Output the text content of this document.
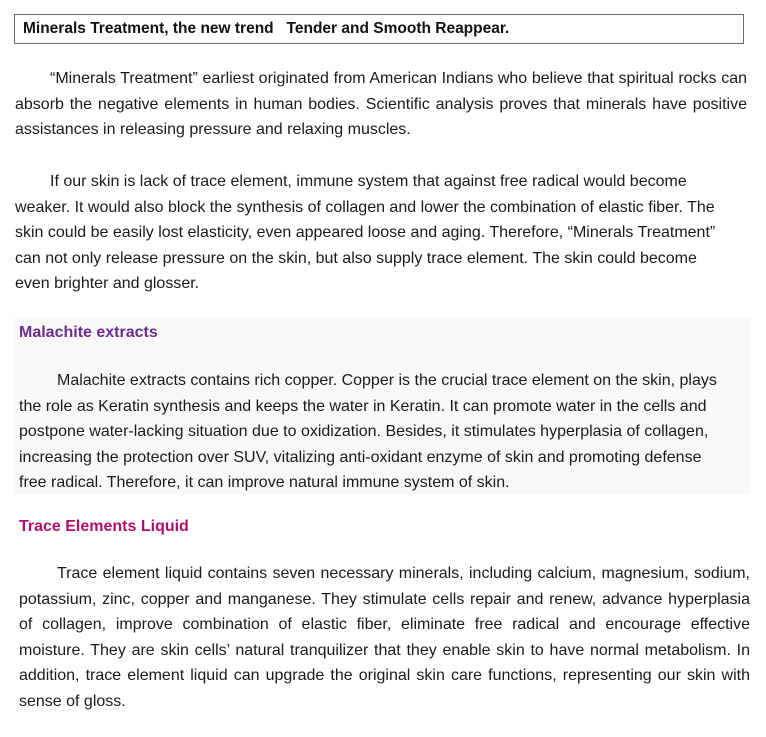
Minerals Treatment, the new trend   Tender and Smooth Reappear.

“Minerals Treatment” earliest originated from American Indians who believe that spiritual rocks can absorb the negative elements in human bodies. Scientific analysis proves that minerals have positive assistances in releasing pressure and relaxing muscles.

If our skin is lack of trace element, immune system that against free radical would become weaker. It would also block the synthesis of collagen and lower the combination of elastic fiber. The skin could be easily lost elasticity, even appeared loose and aging. Therefore, “Minerals Treatment” can not only release pressure on the skin, but also supply trace element. The skin could become even brighter and glosser.

Malachite extracts

Malachite extracts contains rich copper. Copper is the crucial trace element on the skin, plays the role as Keratin synthesis and keeps the water in Keratin. It can promote water in the cells and postpone water-lacking situation due to oxidization. Besides, it stimulates hyperplasia of collagen, increasing the protection over SUV, vitalizing anti-oxidant enzyme of skin and promoting defense free radical. Therefore, it can improve natural immune system of skin.

Trace Elements Liquid

Trace element liquid contains seven necessary minerals, including calcium, magnesium, sodium, potassium, zinc, copper and manganese. They stimulate cells repair and renew, advance hyperplasia of collagen, improve combination of elastic fiber, eliminate free radical and encourage effective moisture. They are skin cells’ natural tranquilizer that they enable skin to have normal metabolism. In addition, trace element liquid can upgrade the original skin care functions, representing our skin with sense of gloss.
